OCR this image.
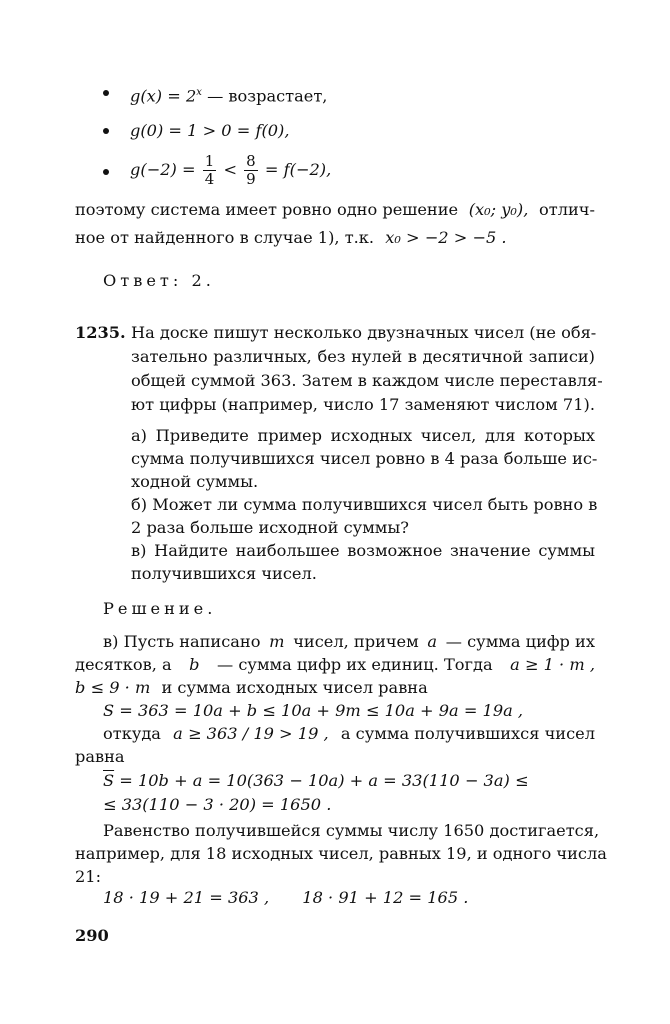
$g(x) = 2^x$ — возрастает,
g(0) = 1 > 0 = f(0),
$g(-2) = \frac{1}{4} < \frac{8}{9} = f(-2)$,
поэтому система имеет ровно одно решение (x₀; y₀), отлич-
ное от найденного в случае 1), т.к. x₀ > −2 > −5 .
Ответ: 2.
1235. На доске пишут несколько двузначных чисел (не обя-
зательно различных, без нулей в десятичной записи)
общей суммой 363. Затем в каждом числе переставля-
ют цифры (например, число 17 заменяют числом 71).
а) Приведите пример исходных чисел, для которых
сумма получившихся чисел ровно в 4 раза больше ис-
ходной суммы.
б) Может ли сумма получившихся чисел быть ровно в
2 раза больше исходной суммы?
в) Найдите наибольшее возможное значение суммы
получившихся чисел.
Решение.
в) Пусть написано m чисел, причем a — сумма цифр их
десятков, а b — сумма цифр их единиц. Тогда a ≥ 1 · m ,
b ≤ 9 · m и сумма исходных чисел равна
S = 363 = 10a + b ≤ 10a + 9m ≤ 10a + 9a = 19a ,
откуда a ≥ 363 / 19 > 19 , а сумма получившихся чисел
равна
$\overline{S} = 10b + a = 10(363 - 10a) + a = 33(110 - 3a)$ ≤
≤ 33(110 − 3 · 20) = 1650 .
Равенство получившейся суммы числу 1650 достигается,
например, для 18 исходных чисел, равных 19, и одного числа
21:
18 · 19 + 21 = 363 , 18 · 91 + 12 = 165 .
290
